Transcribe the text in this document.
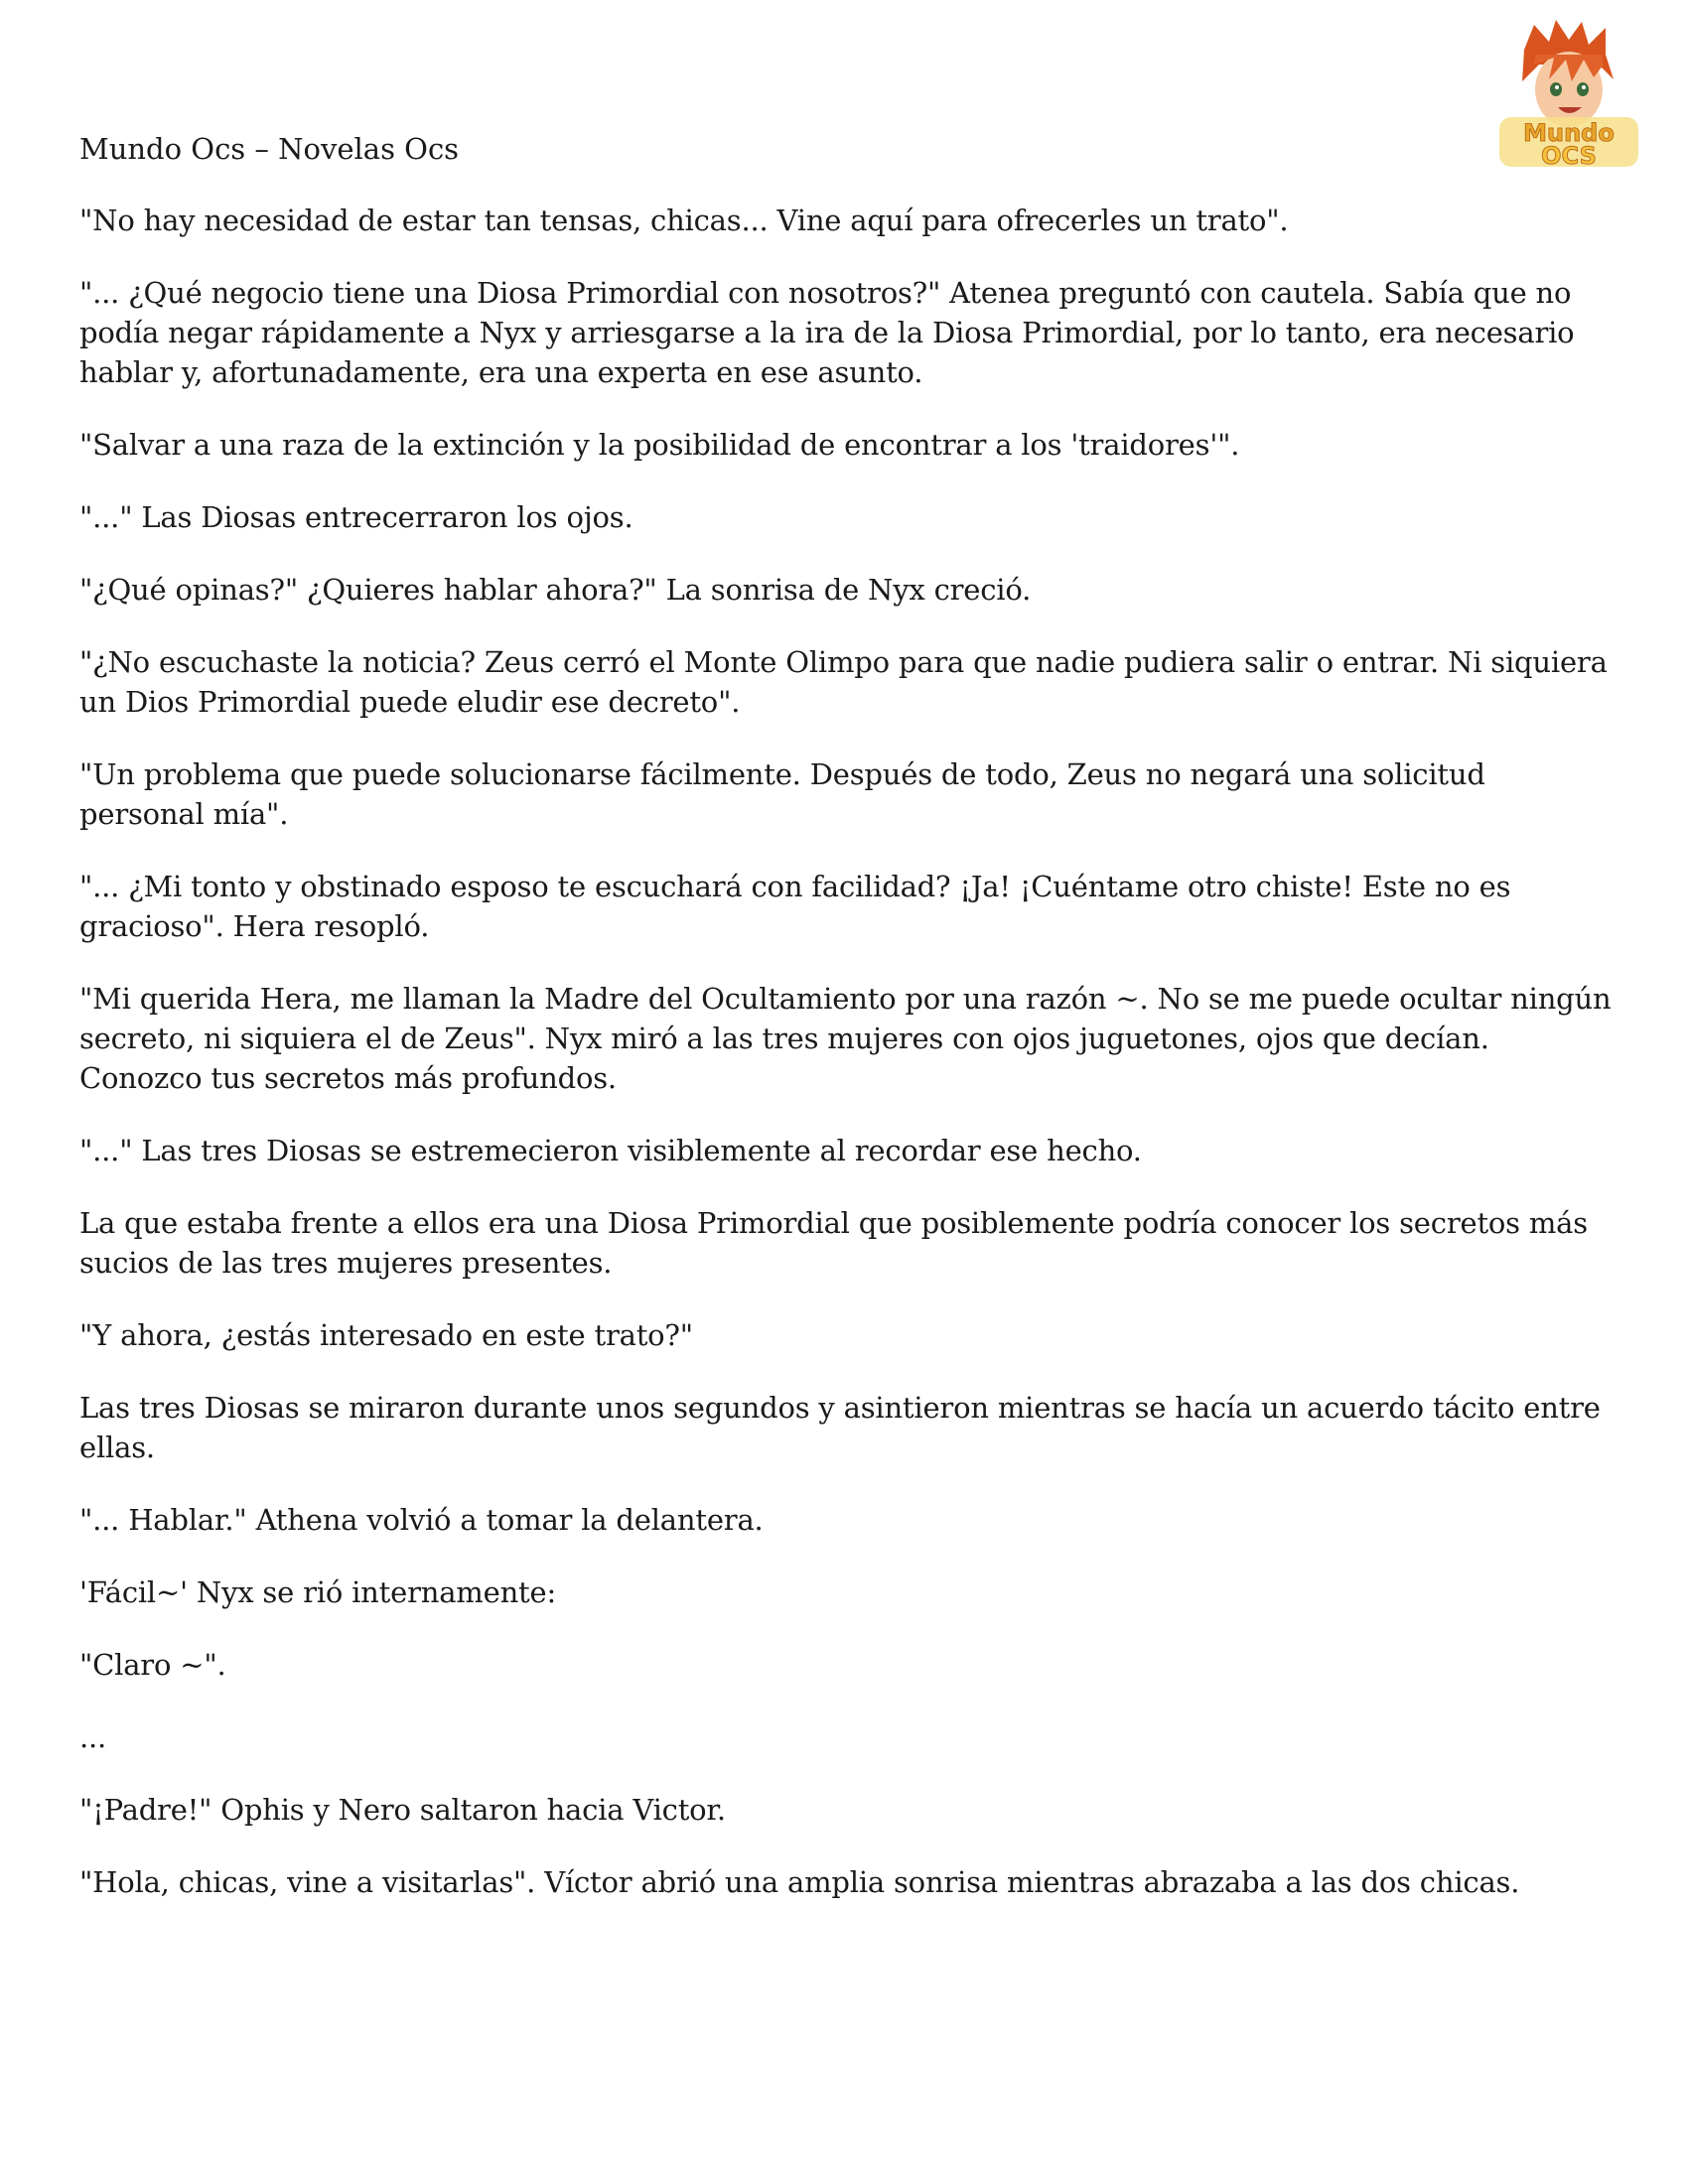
Mundo
OCS

Mundo Ocs – Novelas Ocs

"No hay necesidad de estar tan tensas, chicas... Vine aquí para ofrecerles un trato".

"... ¿Qué negocio tiene una Diosa Primordial con nosotros?" Atenea preguntó con cautela. Sabía que no podía negar rápidamente a Nyx y arriesgarse a la ira de la Diosa Primordial, por lo tanto, era necesario hablar y, afortunadamente, era una experta en ese asunto.

"Salvar a una raza de la extinción y la posibilidad de encontrar a los 'traidores'".

"..." Las Diosas entrecerraron los ojos.

"¿Qué opinas?" ¿Quieres hablar ahora?" La sonrisa de Nyx creció.

"¿No escuchaste la noticia? Zeus cerró el Monte Olimpo para que nadie pudiera salir o entrar. Ni siquiera un Dios Primordial puede eludir ese decreto".

"Un problema que puede solucionarse fácilmente. Después de todo, Zeus no negará una solicitud personal mía".

"... ¿Mi tonto y obstinado esposo te escuchará con facilidad? ¡Ja! ¡Cuéntame otro chiste! Este no es gracioso". Hera resopló.

"Mi querida Hera, me llaman la Madre del Ocultamiento por una razón ~. No se me puede ocultar ningún secreto, ni siquiera el de Zeus". Nyx miró a las tres mujeres con ojos juguetones, ojos que decían. Conozco tus secretos más profundos.

"..." Las tres Diosas se estremecieron visiblemente al recordar ese hecho.

La que estaba frente a ellos era una Diosa Primordial que posiblemente podría conocer los secretos más sucios de las tres mujeres presentes.

"Y ahora, ¿estás interesado en este trato?"

Las tres Diosas se miraron durante unos segundos y asintieron mientras se hacía un acuerdo tácito entre ellas.

"... Hablar." Athena volvió a tomar la delantera.

'Fácil~' Nyx se rió internamente:

"Claro ~".

...

"¡Padre!" Ophis y Nero saltaron hacia Victor.

"Hola, chicas, vine a visitarlas". Víctor abrió una amplia sonrisa mientras abrazaba a las dos chicas.
